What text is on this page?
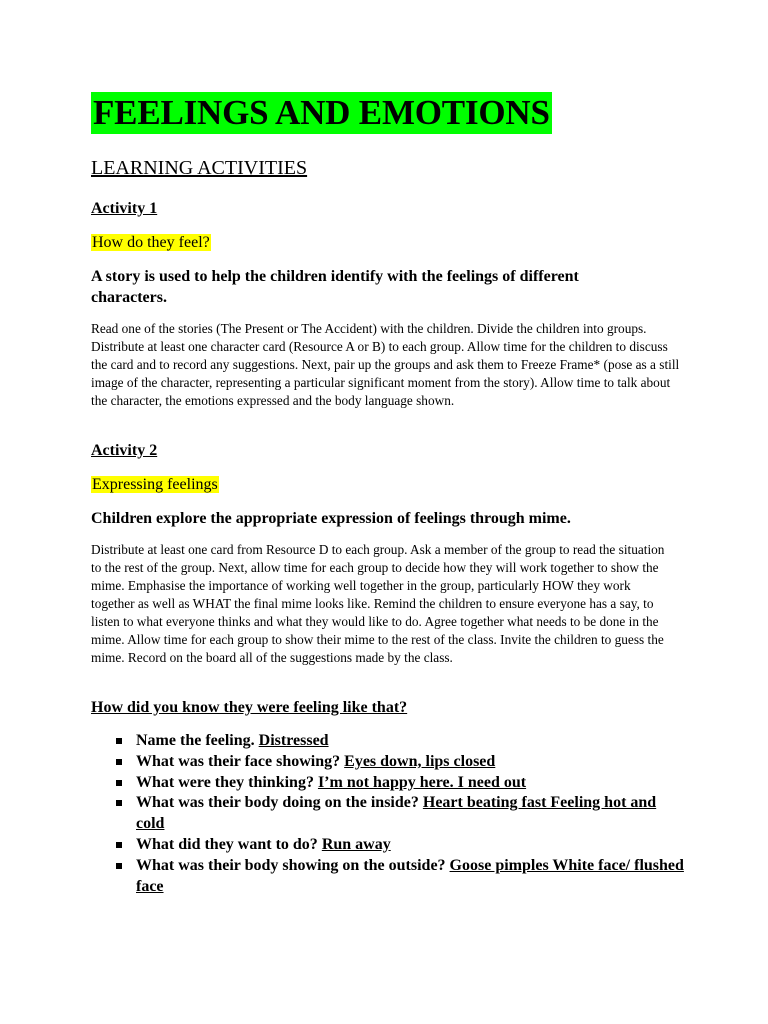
FEELINGS AND EMOTIONS
LEARNING ACTIVITIES
Activity 1
How do they feel?

A story is used to help the children identify with the feelings of different characters.

Read one of the stories (The Present or The Accident) with the children. Divide the children into groups. Distribute at least one character card (Resource A or B) to each group. Allow time for the children to discuss the card and to record any suggestions. Next, pair up the groups and ask them to Freeze Frame* (pose as a still image of the character, representing a particular significant moment from the story). Allow time to talk about the character, the emotions expressed and the body language shown.

Activity 2
Expressing feelings

Children explore the appropriate expression of feelings through mime.

Distribute at least one card from Resource D to each group. Ask a member of the group to read the situation to the rest of the group. Next, allow time for each group to decide how they will work together to show the mime. Emphasise the importance of working well together in the group, particularly HOW they work together as well as WHAT the final mime looks like. Remind the children to ensure everyone has a say, to listen to what everyone thinks and what they would like to do. Agree together what needs to be done in the mime. Allow time for each group to show their mime to the rest of the class. Invite the children to guess the mime. Record on the board all of the suggestions made by the class.

How did you know they were feeling like that?
Name the feeling. Distressed
What was their face showing? Eyes down, lips closed
What were they thinking? I’m not happy here. I need out
What was their body doing on the inside? Heart beating fast Feeling hot and cold
What did they want to do? Run away
What was their body showing on the outside? Goose pimples White face/ flushed face
